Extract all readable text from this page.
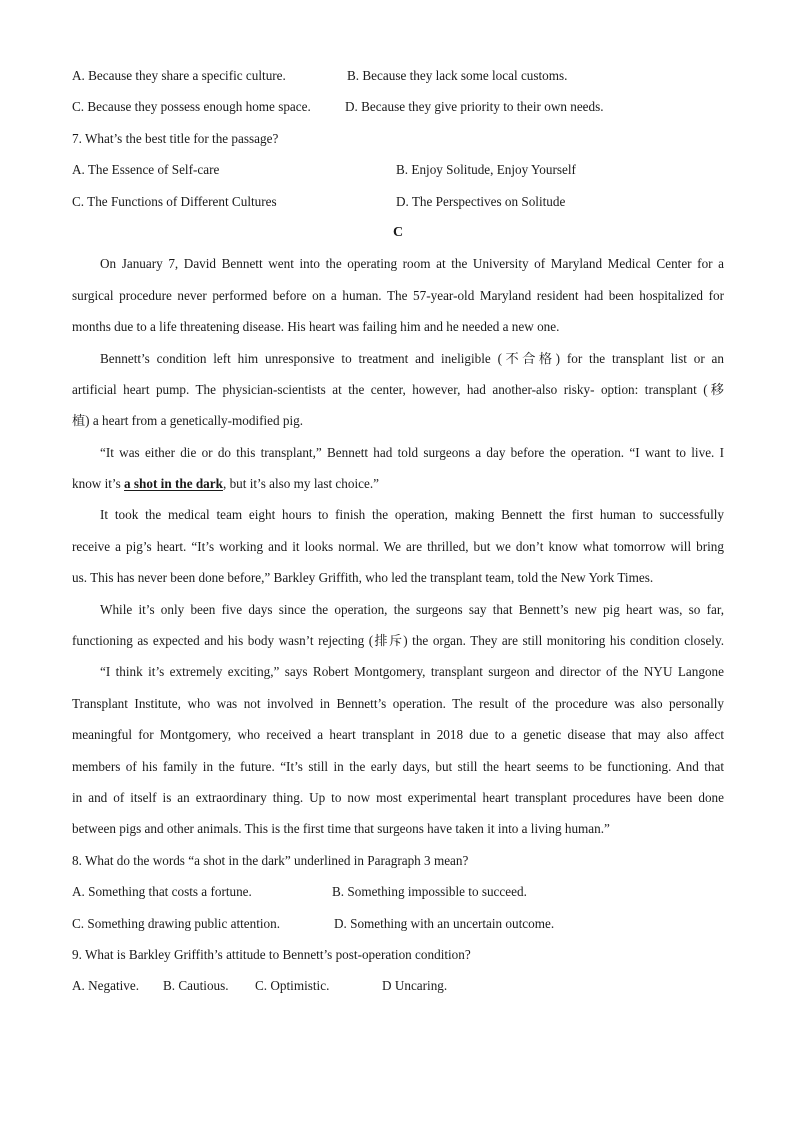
A. Because they share a specific culture.	B. Because they lack some local customs.
C. Because they possess enough home space.	D. Because they give priority to their own needs.
7. What’s the best title for the passage?
A. The Essence of Self-care	B. Enjoy Solitude, Enjoy Yourself
C. The Functions of Different Cultures	D. The Perspectives on Solitude
C
On January 7, David Bennett went into the operating room at the University of Maryland Medical Center for a
surgical procedure never performed before on a human. The 57-year-old Maryland resident had been hospitalized for
months due to a life threatening disease. His heart was failing him and he needed a new one.
Bennett’s condition left him unresponsive to treatment and ineligible (不合格) for the transplant list or an
artificial heart pump. The physician-scientists at the center, however, had another-also risky- option: transplant (移
植) a heart from a genetically-modified pig.
“It was either die or do this transplant,” Bennett had told surgeons a day before the operation. “I want to live. I
know it’s a shot in the dark, but it’s also my last choice.”
It took the medical team eight hours to finish the operation, making Bennett the first human to successfully
receive a pig’s heart. “It’s working and it looks normal. We are thrilled, but we don’t know what tomorrow will bring
us. This has never been done before,” Barkley Griffith, who led the transplant team, told the New York Times.
While it’s only been five days since the operation, the surgeons say that Bennett’s new pig heart was, so far,
functioning as expected and his body wasn’t rejecting (排斥) the organ. They are still monitoring his condition closely.
“I think it’s extremely exciting,” says Robert Montgomery, transplant surgeon and director of the NYU Langone
Transplant Institute, who was not involved in Bennett’s operation. The result of the procedure was also personally
meaningful for Montgomery, who received a heart transplant in 2018 due to a genetic disease that may also affect
members of his family in the future. “It’s still in the early days, but still the heart seems to be functioning. And that
in and of itself is an extraordinary thing. Up to now most experimental heart transplant procedures have been done
between pigs and other animals. This is the first time that surgeons have taken it into a living human.”
8. What do the words “a shot in the dark” underlined in Paragraph 3 mean?
A. Something that costs a fortune.	B. Something impossible to succeed.
C. Something drawing public attention.	D. Something with an uncertain outcome.
9. What is Barkley Griffith’s attitude to Bennett’s post-operation condition?
A. Negative. B. Cautious. C. Optimistic.	D Uncaring.
